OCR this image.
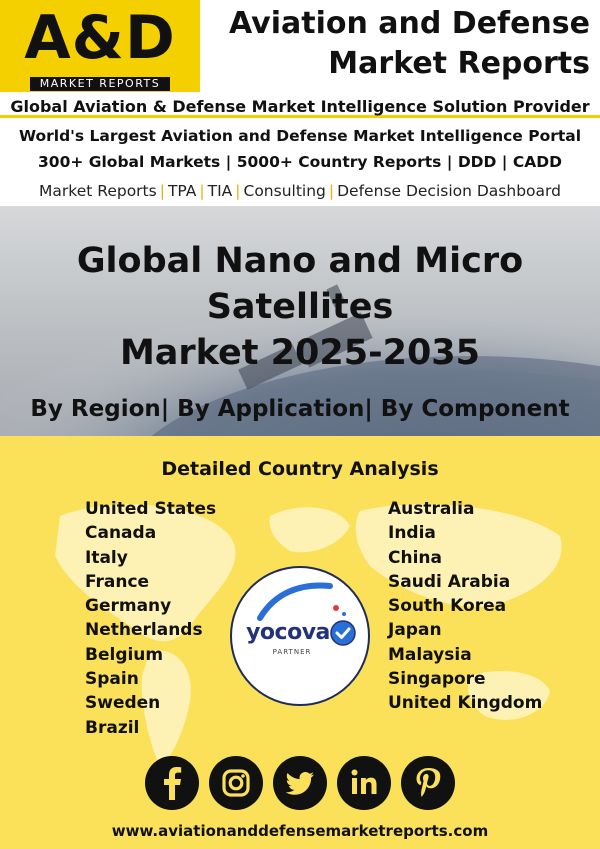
A&D
MARKET REPORTS
Aviation and Defense
Market Reports
Global Aviation & Defense Market Intelligence Solution Provider
World's Largest Aviation and Defense Market Intelligence Portal
300+ Global Markets | 5000+ Country Reports | DDD | CADD
Market Reports | TPA | TIA | Consulting | Defense Decision Dashboard
Global Nano and Micro
Satellites
Market 2025-2035
By Region| By Application| By Component
Detailed Country Analysis
United States
Canada
Italy
France
Germany
Netherlands
Belgium
Spain
Sweden
Brazil
Australia
India
China
Saudi Arabia
South Korea
Japan
Malaysia
Singapore
United Kingdom
yocova
PARTNER
www.aviationanddefensemarketreports.com
